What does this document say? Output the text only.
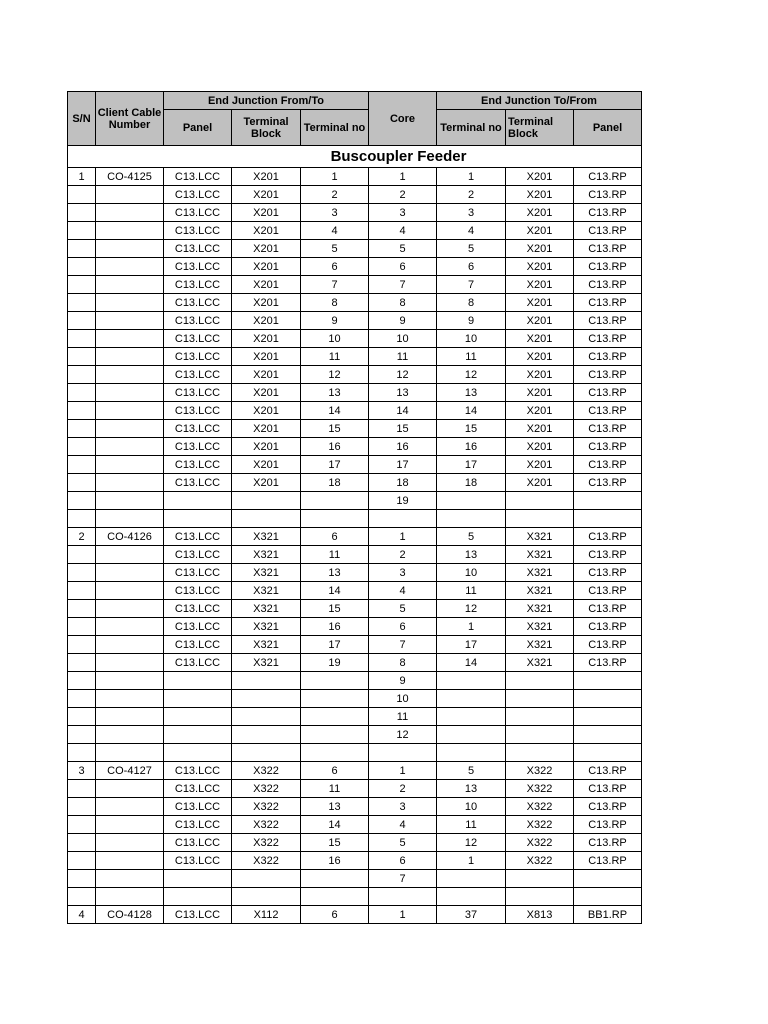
S/N	Client Cable Number	End Junction From/To			Core	End Junction To/From		
		Panel	Terminal Block	Terminal no		Terminal no	Terminal Block	Panel
Buscoupler Feeder								
1	CO-4125	C13.LCC	X201	1	1	1	X201	C13.RP
		C13.LCC	X201	2	2	2	X201	C13.RP
		C13.LCC	X201	3	3	3	X201	C13.RP
		C13.LCC	X201	4	4	4	X201	C13.RP
		C13.LCC	X201	5	5	5	X201	C13.RP
		C13.LCC	X201	6	6	6	X201	C13.RP
		C13.LCC	X201	7	7	7	X201	C13.RP
		C13.LCC	X201	8	8	8	X201	C13.RP
		C13.LCC	X201	9	9	9	X201	C13.RP
		C13.LCC	X201	10	10	10	X201	C13.RP
		C13.LCC	X201	11	11	11	X201	C13.RP
		C13.LCC	X201	12	12	12	X201	C13.RP
		C13.LCC	X201	13	13	13	X201	C13.RP
		C13.LCC	X201	14	14	14	X201	C13.RP
		C13.LCC	X201	15	15	15	X201	C13.RP
		C13.LCC	X201	16	16	16	X201	C13.RP
		C13.LCC	X201	17	17	17	X201	C13.RP
		C13.LCC	X201	18	18	18	X201	C13.RP
					19			

2	CO-4126	C13.LCC	X321	6	1	5	X321	C13.RP
		C13.LCC	X321	11	2	13	X321	C13.RP
		C13.LCC	X321	13	3	10	X321	C13.RP
		C13.LCC	X321	14	4	11	X321	C13.RP
		C13.LCC	X321	15	5	12	X321	C13.RP
		C13.LCC	X321	16	6	1	X321	C13.RP
		C13.LCC	X321	17	7	17	X321	C13.RP
		C13.LCC	X321	19	8	14	X321	C13.RP
					9			
					10			
					11			
					12			

3	CO-4127	C13.LCC	X322	6	1	5	X322	C13.RP
		C13.LCC	X322	11	2	13	X322	C13.RP
		C13.LCC	X322	13	3	10	X322	C13.RP
		C13.LCC	X322	14	4	11	X322	C13.RP
		C13.LCC	X322	15	5	12	X322	C13.RP
		C13.LCC	X322	16	6	1	X322	C13.RP
					7			

4	CO-4128	C13.LCC	X112	6	1	37	X813	BB1.RP
